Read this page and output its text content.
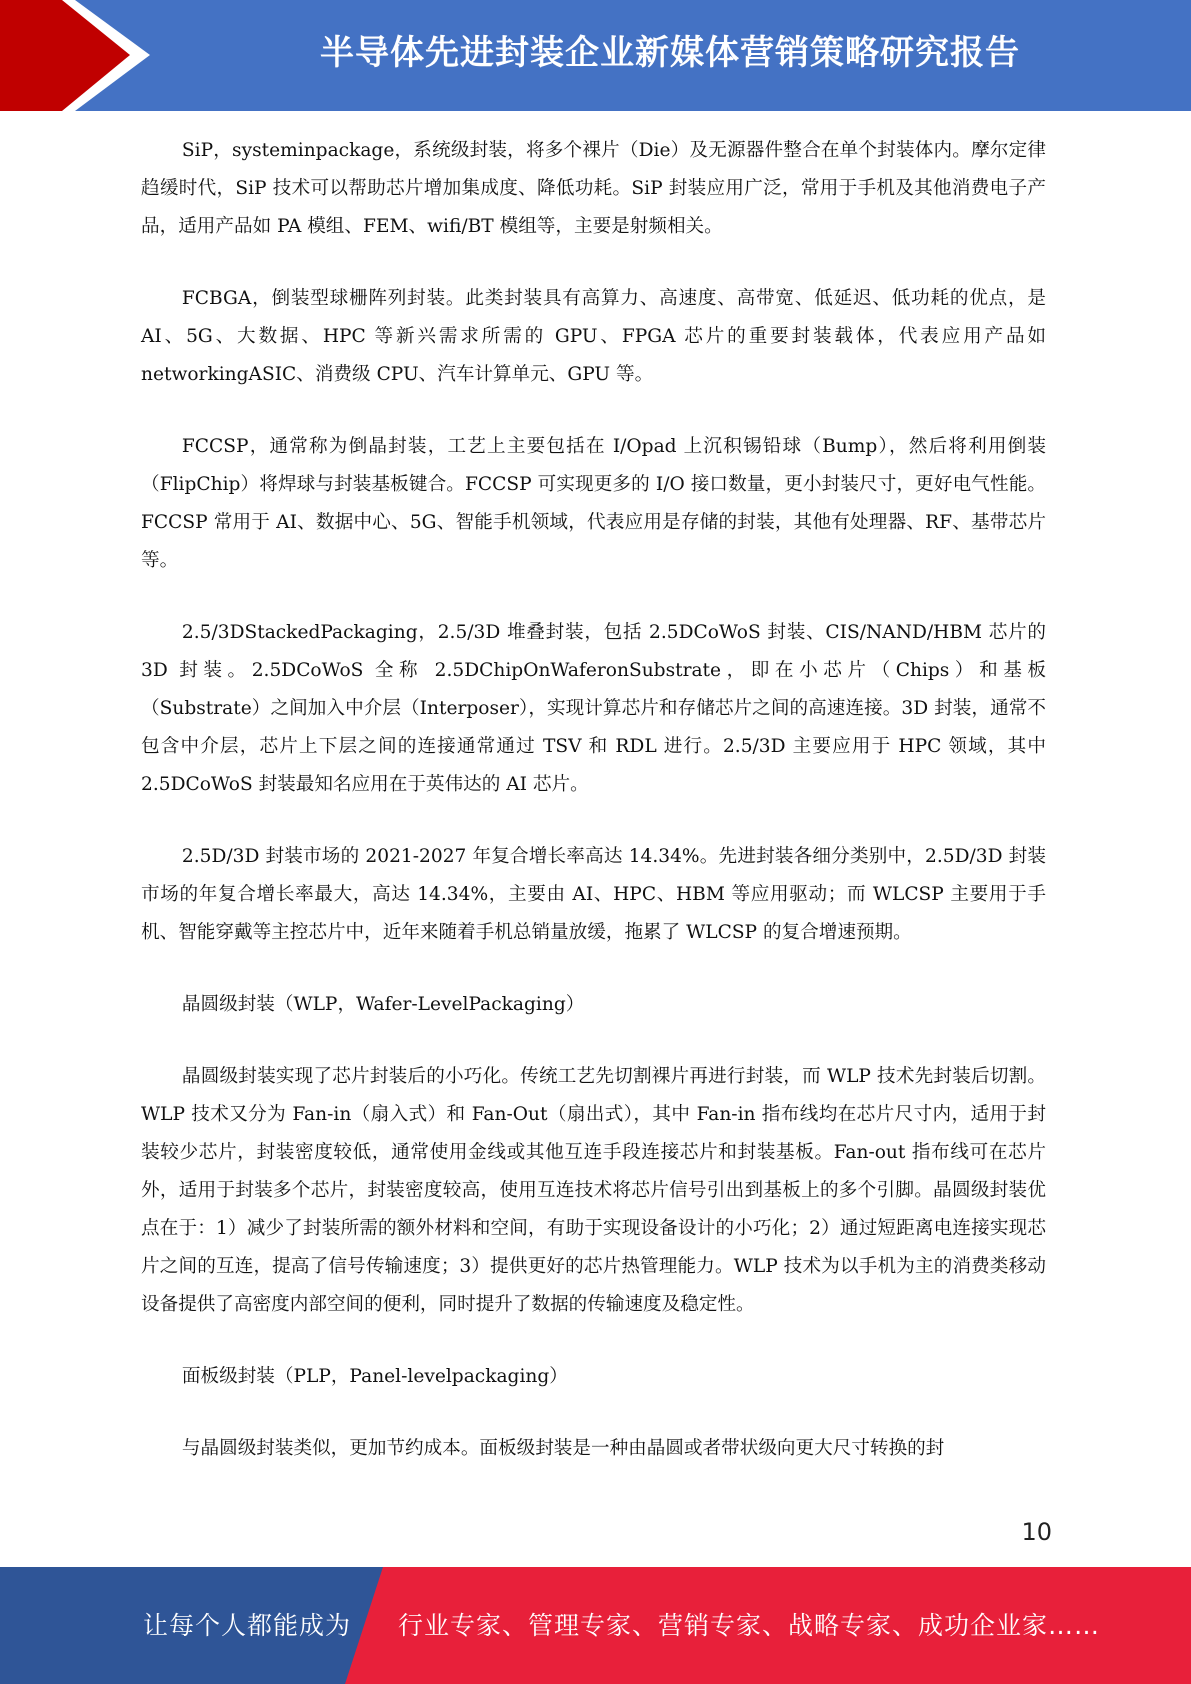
半导体先进封装企业新媒体营销策略研究报告

SiP，systeminpackage，系统级封装，将多个裸片（Die）及无源器件整合在单个封装体内。摩尔定律趋缓时代，SiP 技术可以帮助芯片增加集成度、降低功耗。SiP 封装应用广泛，常用于手机及其他消费电子产品，适用产品如 PA 模组、FEM、wifi/BT 模组等，主要是射频相关。

FCBGA，倒装型球栅阵列封装。此类封装具有高算力、高速度、高带宽、低延迟、低功耗的优点，是 AI、5G、大数据、HPC 等新兴需求所需的 GPU、FPGA 芯片的重要封装载体，代表应用产品如 networkingASIC、消费级 CPU、汽车计算单元、GPU 等。

FCCSP，通常称为倒晶封装，工艺上主要包括在 I/Opad 上沉积锡铅球（Bump），然后将利用倒装（FlipChip）将焊球与封装基板键合。FCCSP 可实现更多的 I/O 接口数量，更小封装尺寸，更好电气性能。FCCSP 常用于 AI、数据中心、5G、智能手机领域，代表应用是存储的封装，其他有处理器、RF、基带芯片等。

2.5/3DStackedPackaging，2.5/3D 堆叠封装，包括 2.5DCoWoS 封装、CIS/NAND/HBM 芯片的 3D 封装。2.5DCoWoS 全称 2.5DChipOnWaferonSubstrate，即在小芯片（Chips）和基板（Substrate）之间加入中介层（Interposer），实现计算芯片和存储芯片之间的高速连接。3D 封装，通常不包含中介层，芯片上下层之间的连接通常通过 TSV 和 RDL 进行。2.5/3D 主要应用于 HPC 领域，其中 2.5DCoWoS 封装最知名应用在于英伟达的 AI 芯片。

2.5D/3D 封装市场的 2021-2027 年复合增长率高达 14.34%。先进封装各细分类别中，2.5D/3D 封装市场的年复合增长率最大，高达 14.34%，主要由 AI、HPC、HBM 等应用驱动；而 WLCSP 主要用于手机、智能穿戴等主控芯片中，近年来随着手机总销量放缓，拖累了 WLCSP 的复合增速预期。

晶圆级封装（WLP，Wafer-LevelPackaging）

晶圆级封装实现了芯片封装后的小巧化。传统工艺先切割裸片再进行封装，而 WLP 技术先封装后切割。WLP 技术又分为 Fan-in（扇入式）和 Fan-Out（扇出式），其中 Fan-in 指布线均在芯片尺寸内，适用于封装较少芯片，封装密度较低，通常使用金线或其他互连手段连接芯片和封装基板。Fan-out 指布线可在芯片外，适用于封装多个芯片，封装密度较高，使用互连技术将芯片信号引出到基板上的多个引脚。晶圆级封装优点在于：1）减少了封装所需的额外材料和空间，有助于实现设备设计的小巧化；2）通过短距离电连接实现芯片之间的互连，提高了信号传输速度；3）提供更好的芯片热管理能力。WLP 技术为以手机为主的消费类移动设备提供了高密度内部空间的便利，同时提升了数据的传输速度及稳定性。

面板级封装（PLP，Panel-levelpackaging）

与晶圆级封装类似，更加节约成本。面板级封装是一种由晶圆或者带状级向更大尺寸转换的封

10
让每个人都能成为 行业专家、管理专家、营销专家、战略专家、成功企业家……
